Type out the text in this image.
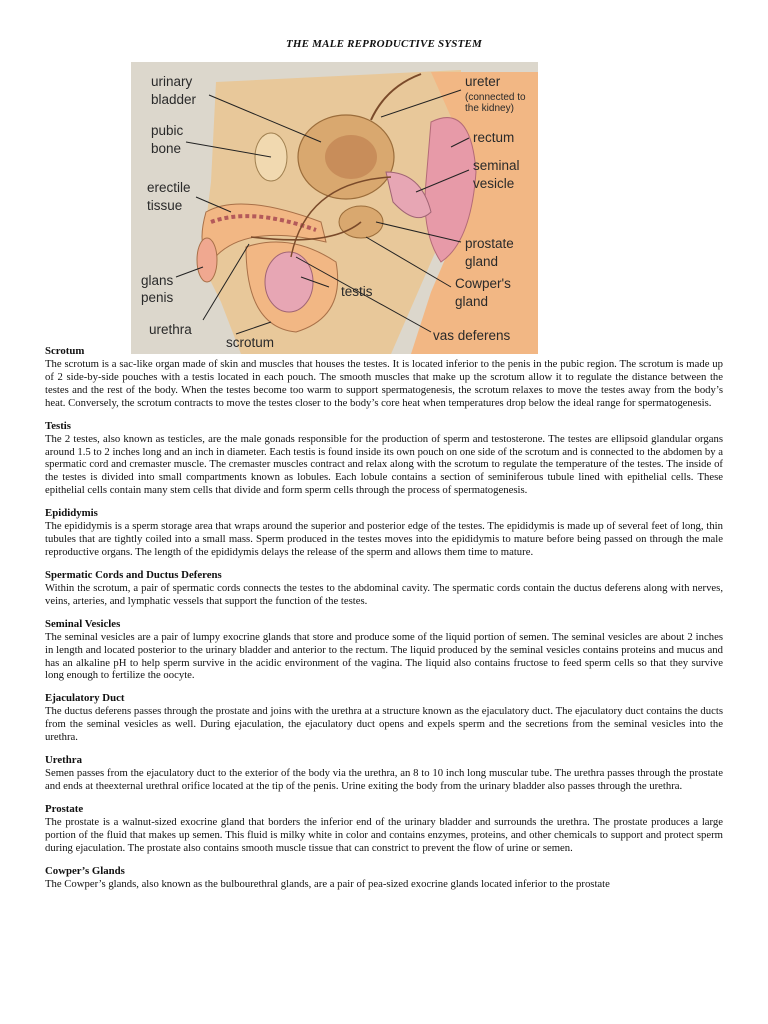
THE MALE REPRODUCTIVE SYSTEM
urinary
bladder
pubic
bone
erectile
tissue
glans
penis
urethra
scrotum
testis
ureter
(connected to
the kidney)
rectum
seminal
vesicle
prostate
gland
Cowper's
gland
vas deferens
Scrotum

The scrotum is a sac-like organ made of skin and muscles that houses the testes. It is located inferior to the penis in the pubic region. The scrotum is made up of 2 side-by-side pouches with a testis located in each pouch. The smooth muscles that make up the scrotum allow it to regulate the distance between the testes and the rest of the body. When the testes become too warm to support spermatogenesis, the scrotum relaxes to move the testes away from the body’s heat. Conversely, the scrotum contracts to move the testes closer to the body’s core heat when temperatures drop below the ideal range for spermatogenesis.

Testis

The 2 testes, also known as testicles, are the male gonads responsible for the production of sperm and testosterone. The testes are ellipsoid glandular organs around 1.5 to 2 inches long and an inch in diameter. Each testis is found inside its own pouch on one side of the scrotum and is connected to the abdomen by a spermatic cord and cremaster muscle. The cremaster muscles contract and relax along with the scrotum to regulate the temperature of the testes. The inside of the testes is divided into small compartments known as lobules. Each lobule contains a section of seminiferous tubule lined with epithelial cells. These epithelial cells contain many stem cells that divide and form sperm cells through the process of spermatogenesis.

Epididymis

The epididymis is a sperm storage area that wraps around the superior and posterior edge of the testes. The epididymis is made up of several feet of long, thin tubules that are tightly coiled into a small mass. Sperm produced in the testes moves into the epididymis to mature before being passed on through the male reproductive organs. The length of the epididymis delays the release of the sperm and allows them time to mature.

Spermatic Cords and Ductus Deferens

Within the scrotum, a pair of spermatic cords connects the testes to the abdominal cavity. The spermatic cords contain the ductus deferens along with nerves, veins, arteries, and lymphatic vessels that support the function of the testes.

Seminal Vesicles

The seminal vesicles are a pair of lumpy exocrine glands that store and produce some of the liquid portion of semen. The seminal vesicles are about 2 inches in length and located posterior to the urinary bladder and anterior to the rectum. The liquid produced by the seminal vesicles contains proteins and mucus and has an alkaline pH to help sperm survive in the acidic environment of the vagina. The liquid also contains fructose to feed sperm cells so that they survive long enough to fertilize the oocyte.

Ejaculatory Duct

The ductus deferens passes through the prostate and joins with the urethra at a structure known as the ejaculatory duct. The ejaculatory duct contains the ducts from the seminal vesicles as well. During ejaculation, the ejaculatory duct opens and expels sperm and the secretions from the seminal vesicles into the urethra.

Urethra

Semen passes from the ejaculatory duct to the exterior of the body via the urethra, an 8 to 10 inch long muscular tube. The urethra passes through the prostate and ends at theexternal urethral orifice located at the tip of the penis. Urine exiting the body from the urinary bladder also passes through the urethra.

Prostate

The prostate is a walnut-sized exocrine gland that borders the inferior end of the urinary bladder and surrounds the urethra. The prostate produces a large portion of the fluid that makes up semen. This fluid is milky white in color and contains enzymes, proteins, and other chemicals to support and protect sperm during ejaculation. The prostate also contains smooth muscle tissue that can constrict to prevent the flow of urine or semen.

Cowper’s Glands

The Cowper’s glands, also known as the bulbourethral glands, are a pair of pea-sized exocrine glands located inferior to the prostate
